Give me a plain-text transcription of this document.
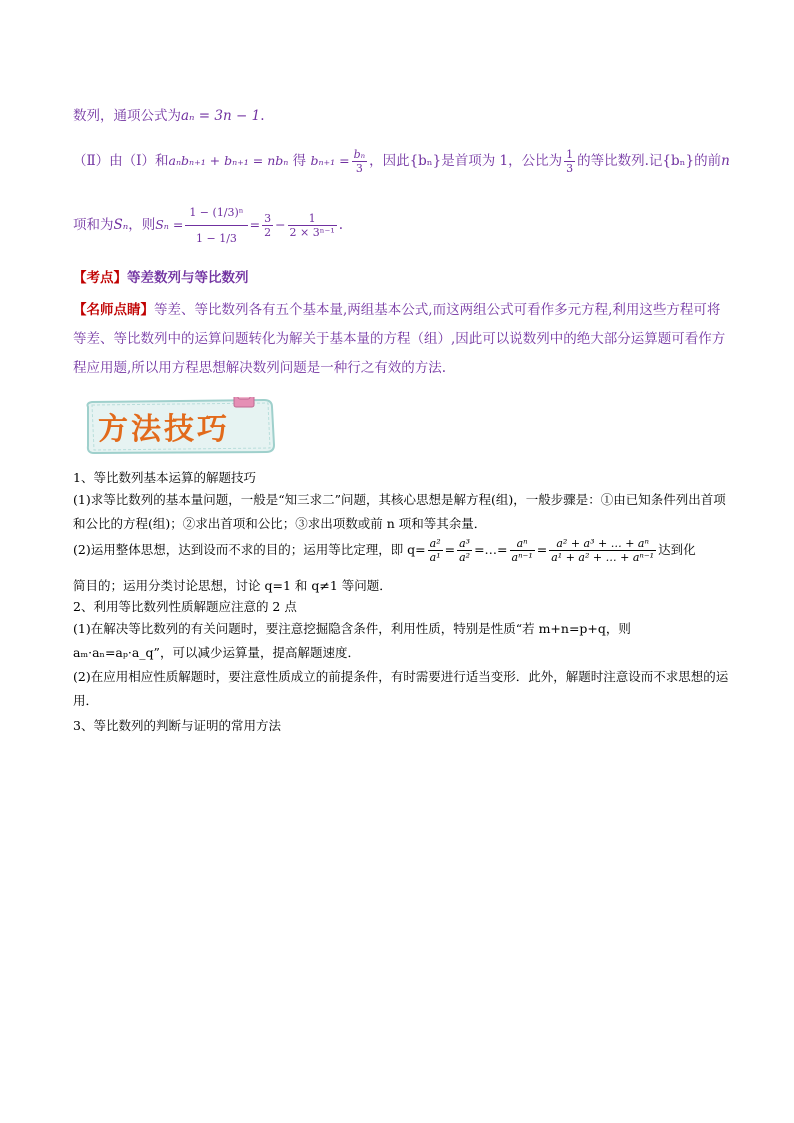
数列，通项公式为aₙ = 3n − 1.
（Ⅱ）由（Ⅰ）和aₙbₙ₊₁ + bₙ₊₁ = nbₙ 得 $b_{n+1} = \frac{\text{bₙ}}{3}$ ，因此{bₙ}是首项为 1，公比为 $\frac{1}{3}$ 的等比数列.记{bₙ}的前n
项和为Sₙ，则$S_n = \frac{\text{1 − (1/3)ⁿ}}{1 - 1/3} = \frac{3}{2} - \frac{1}{\text{2 × 3ⁿ⁻¹}}$ .
【考点】等差数列与等比数列
【名师点睛】等差、等比数列各有五个基本量,两组基本公式,而这两组公式可看作多元方程,利用这些方程可将等差、等比数列中的运算问题转化为解关于基本量的方程（组）,因此可以说数列中的绝大部分运算题可看作方程应用题,所以用方程思想解决数列问题是一种行之有效的方法.
方法技巧
1、等比数列基本运算的解题技巧
(1)求等比数列的基本量问题，一般是“知三求二”问题，其核心思想是解方程(组)，一般步骤是：①由已知条件列出首项和公比的方程(组)；②求出首项和公比；③求出项数或前 n 项和等其余量．
(2)运用整体思想，达到设而不求的目的；运用等比定理，即 $q= \frac{\text{a²}}{\text{a¹}} = \frac{\text{a³}}{\text{a²}}$ =…= $\frac{\text{aⁿ}}{\text{aⁿ⁻¹}} = \frac{\text{a² + a³ + … + aⁿ}}{\text{a¹ + a² + … + aⁿ⁻¹}}$ 达到化
简目的；运用分类讨论思想，讨论 q=1 和 q≠1 等问题．
2、利用等比数列性质解题应注意的 2 点
(1)在解决等比数列的有关问题时，要注意挖掘隐含条件，利用性质，特别是性质“若 m+n=p+q，则 aₘ·aₙ=aₚ·a_q”，可以减少运算量，提高解题速度．
(2)在应用相应性质解题时，要注意性质成立的前提条件，有时需要进行适当变形．此外，解题时注意设而不求思想的运用．
3、等比数列的判断与证明的常用方法
